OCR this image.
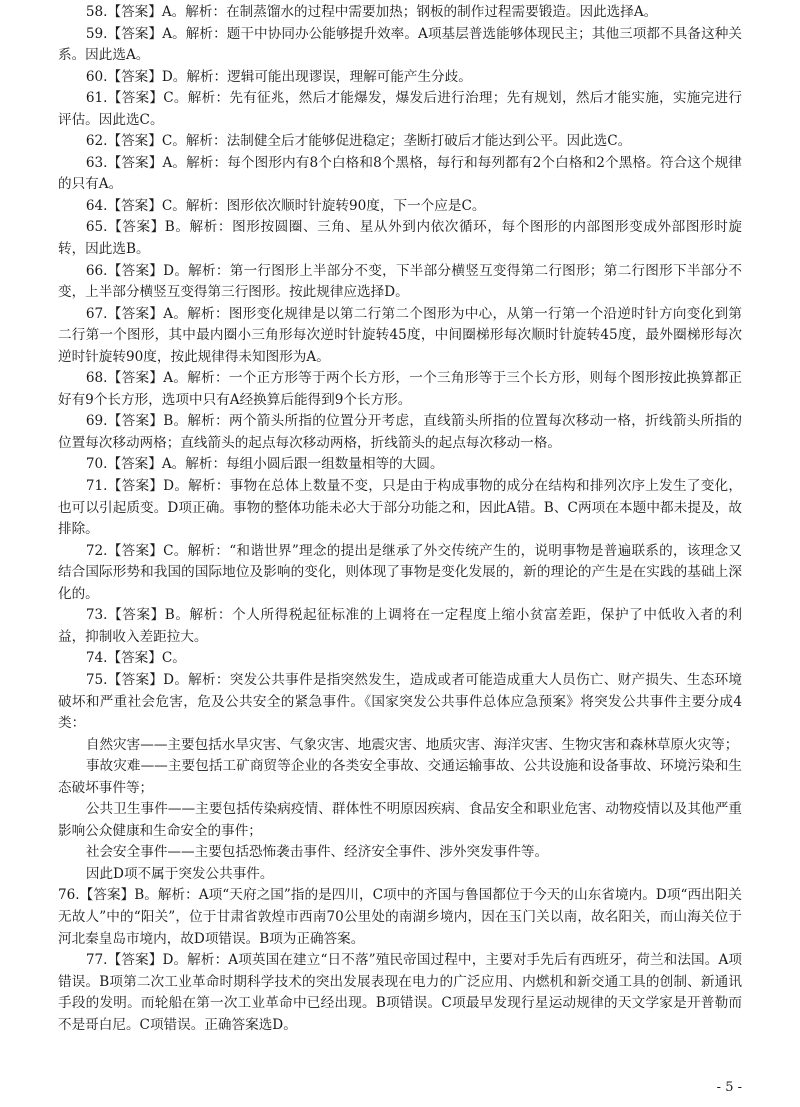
58.【答案】A。解析：在制蒸馏水的过程中需要加热；钢板的制作过程需要锻造。因此选择A。

59.【答案】A。解析：题干中协同办公能够提升效率。A项基层普选能够体现民主；其他三项都不具备这种关系。因此选A。

60.【答案】D。解析：逻辑可能出现谬误，理解可能产生分歧。

61.【答案】C。解析：先有征兆，然后才能爆发，爆发后进行治理；先有规划，然后才能实施，实施完进行评估。因此选C。

62.【答案】C。解析：法制健全后才能够促进稳定；垄断打破后才能达到公平。因此选C。

63.【答案】A。解析：每个图形内有8个白格和8个黑格，每行和每列都有2个白格和2个黑格。符合这个规律的只有A。

64.【答案】C。解析：图形依次顺时针旋转90度，下一个应是C。

65.【答案】B。解析：图形按圆圈、三角、星从外到内依次循环，每个图形的内部图形变成外部图形时旋转，因此选B。

66.【答案】D。解析：第一行图形上半部分不变，下半部分横竖互变得第二行图形；第二行图形下半部分不变，上半部分横竖互变得第三行图形。按此规律应选择D。

67.【答案】A。解析：图形变化规律是以第二行第二个图形为中心，从第一行第一个沿逆时针方向变化到第二行第一个图形，其中最内圈小三角形每次逆时针旋转45度，中间圈梯形每次顺时针旋转45度，最外圈梯形每次逆时针旋转90度，按此规律得未知图形为A。

68.【答案】A。解析：一个正方形等于两个长方形，一个三角形等于三个长方形，则每个图形按此换算都正好有9个长方形，选项中只有A经换算后能得到9个长方形。

69.【答案】B。解析：两个箭头所指的位置分开考虑，直线箭头所指的位置每次移动一格，折线箭头所指的位置每次移动两格；直线箭头的起点每次移动两格，折线箭头的起点每次移动一格。

70.【答案】A。解析：每组小圆后跟一组数量相等的大圆。

71.【答案】D。解析：事物在总体上数量不变，只是由于构成事物的成分在结构和排列次序上发生了变化，也可以引起质变。D项正确。事物的整体功能未必大于部分功能之和，因此A错。B、C两项在本题中都未提及，故排除。

72.【答案】C。解析：“和谐世界”理念的提出是继承了外交传统产生的，说明事物是普遍联系的，该理念又结合国际形势和我国的国际地位及影响的变化，则体现了事物是变化发展的，新的理论的产生是在实践的基础上深化的。

73.【答案】B。解析：个人所得税起征标准的上调将在一定程度上缩小贫富差距，保护了中低收入者的利益，抑制收入差距拉大。

74.【答案】C。

75.【答案】D。解析：突发公共事件是指突然发生，造成或者可能造成重大人员伤亡、财产损失、生态环境破坏和严重社会危害，危及公共安全的紧急事件。《国家突发公共事件总体应急预案》将突发公共事件主要分成4类：

自然灾害——主要包括水旱灾害、气象灾害、地震灾害、地质灾害、海洋灾害、生物灾害和森林草原火灾等；

事故灾难——主要包括工矿商贸等企业的各类安全事故、交通运输事故、公共设施和设备事故、环境污染和生态破坏事件等；

公共卫生事件——主要包括传染病疫情、群体性不明原因疾病、食品安全和职业危害、动物疫情以及其他严重影响公众健康和生命安全的事件；

社会安全事件——主要包括恐怖袭击事件、经济安全事件、涉外突发事件等。

因此D项不属于突发公共事件。

76.【答案】B。解析：A项“天府之国”指的是四川，C项中的齐国与鲁国都位于今天的山东省境内。D项“西出阳关无故人”中的“阳关”，位于甘肃省敦煌市西南70公里处的南湖乡境内，因在玉门关以南，故名阳关，而山海关位于河北秦皇岛市境内，故D项错误。B项为正确答案。

77.【答案】D。解析：A项英国在建立“日不落”殖民帝国过程中，主要对手先后有西班牙，荷兰和法国。A项错误。B项第二次工业革命时期科学技术的突出发展表现在电力的广泛应用、内燃机和新交通工具的创制、新通讯手段的发明。而轮船在第一次工业革命中已经出现。B项错误。C项最早发现行星运动规律的天文学家是开普勒而不是哥白尼。C项错误。正确答案选D。

- 5 -
